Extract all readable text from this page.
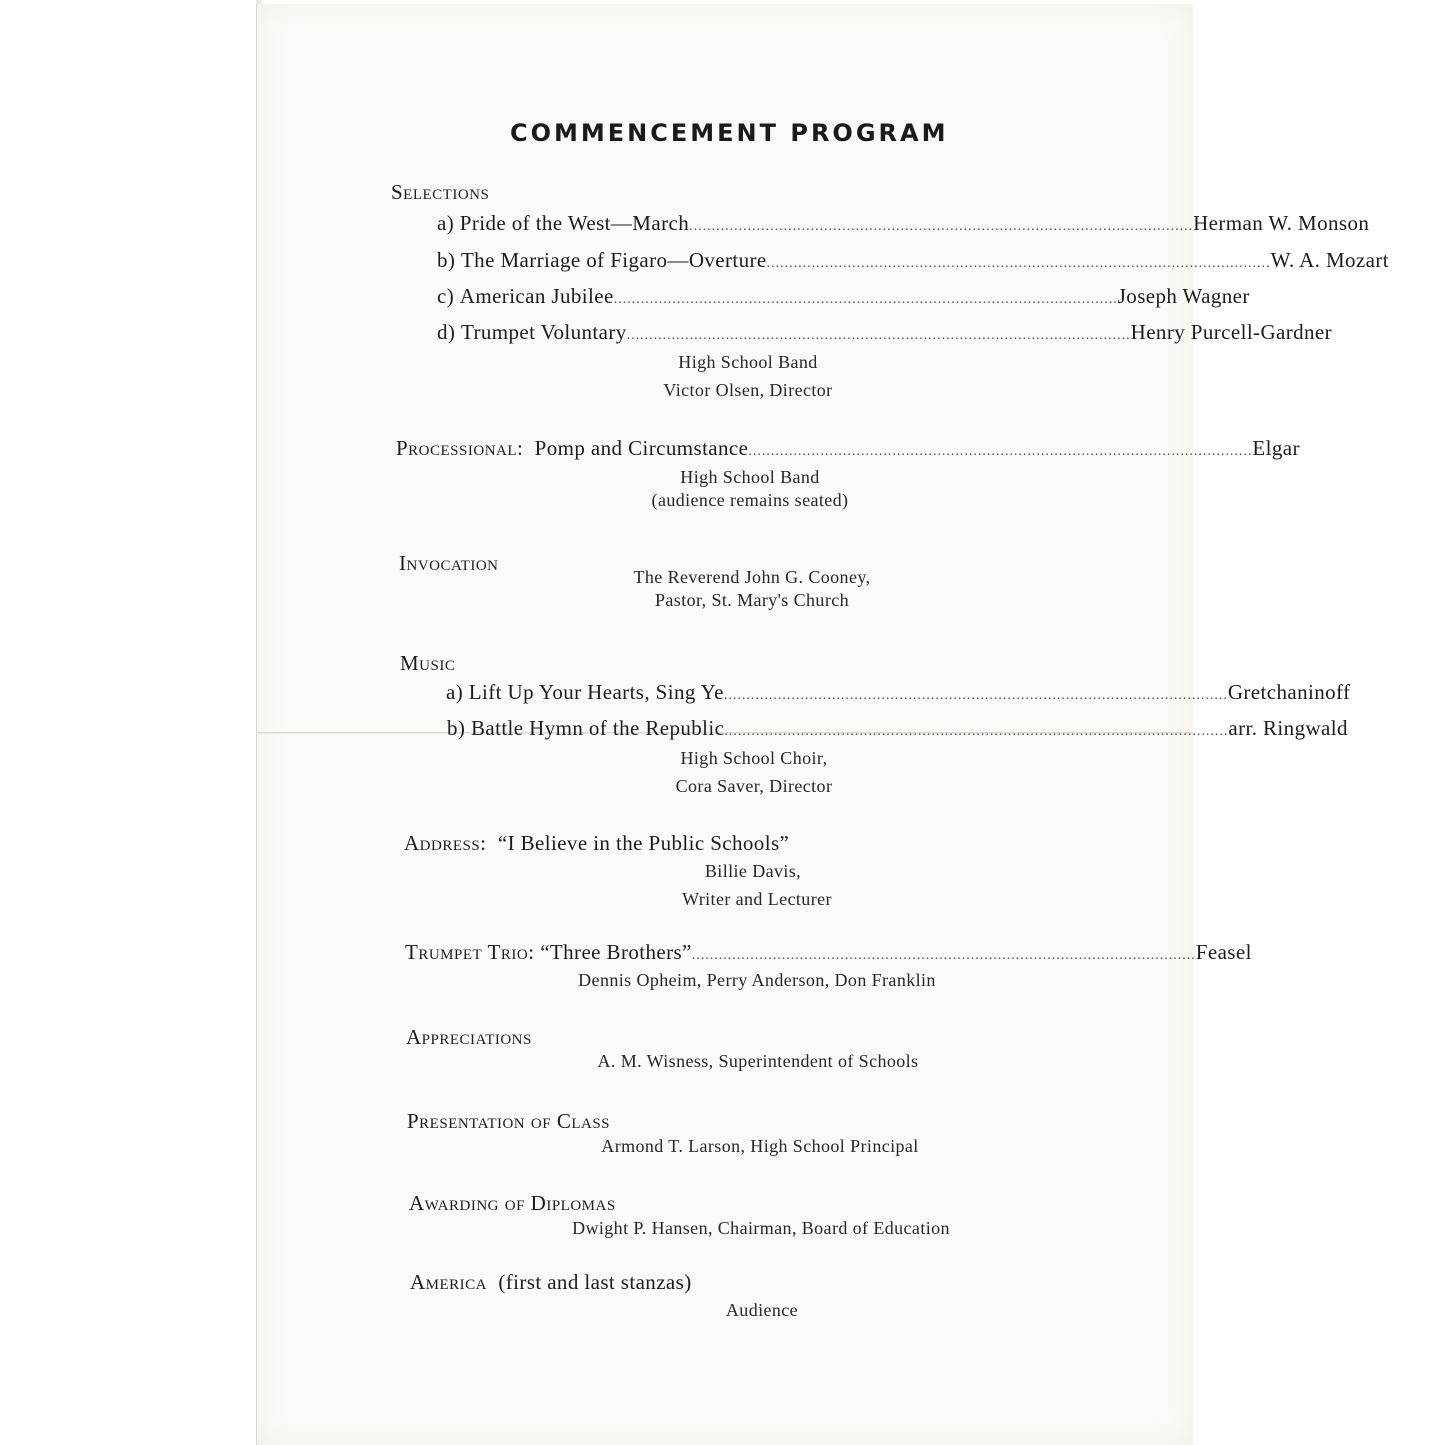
COMMENCEMENT PROGRAM
Selections
a)
Pride of the West—March ................................................................................................................ Herman W. Monson
b)
The Marriage of Figaro—Overture ................................................................................................................ W. A. Mozart
c)
American Jubilee ................................................................................................................ Joseph Wagner
d)
Trumpet Voluntary ................................................................................................................ Henry Purcell-Gardner
High School Band
Victor Olsen, Director
Processional:
Pomp and Circumstance ................................................................................................................ Elgar
High School Band
(audience remains seated)
Invocation
The Reverend John G. Cooney,
Pastor, St. Mary's Church
Music
a)
Lift Up Your Hearts, Sing Ye ................................................................................................................ Gretchaninoff
b)
Battle Hymn of the Republic ................................................................................................................ arr. Ringwald
High School Choir,
Cora Saver, Director
Address: “I Believe in the Public Schools”
Billie Davis,
Writer and Lecturer
Trumpet Trio:
“Three Brothers” ................................................................................................................ Feasel
Dennis Opheim, Perry Anderson, Don Franklin
Appreciations
A. M. Wisness, Superintendent of Schools
Presentation of Class
Armond T. Larson, High School Principal
Awarding of Diplomas
Dwight P. Hansen, Chairman, Board of Education
America (first and last stanzas)
Audience
